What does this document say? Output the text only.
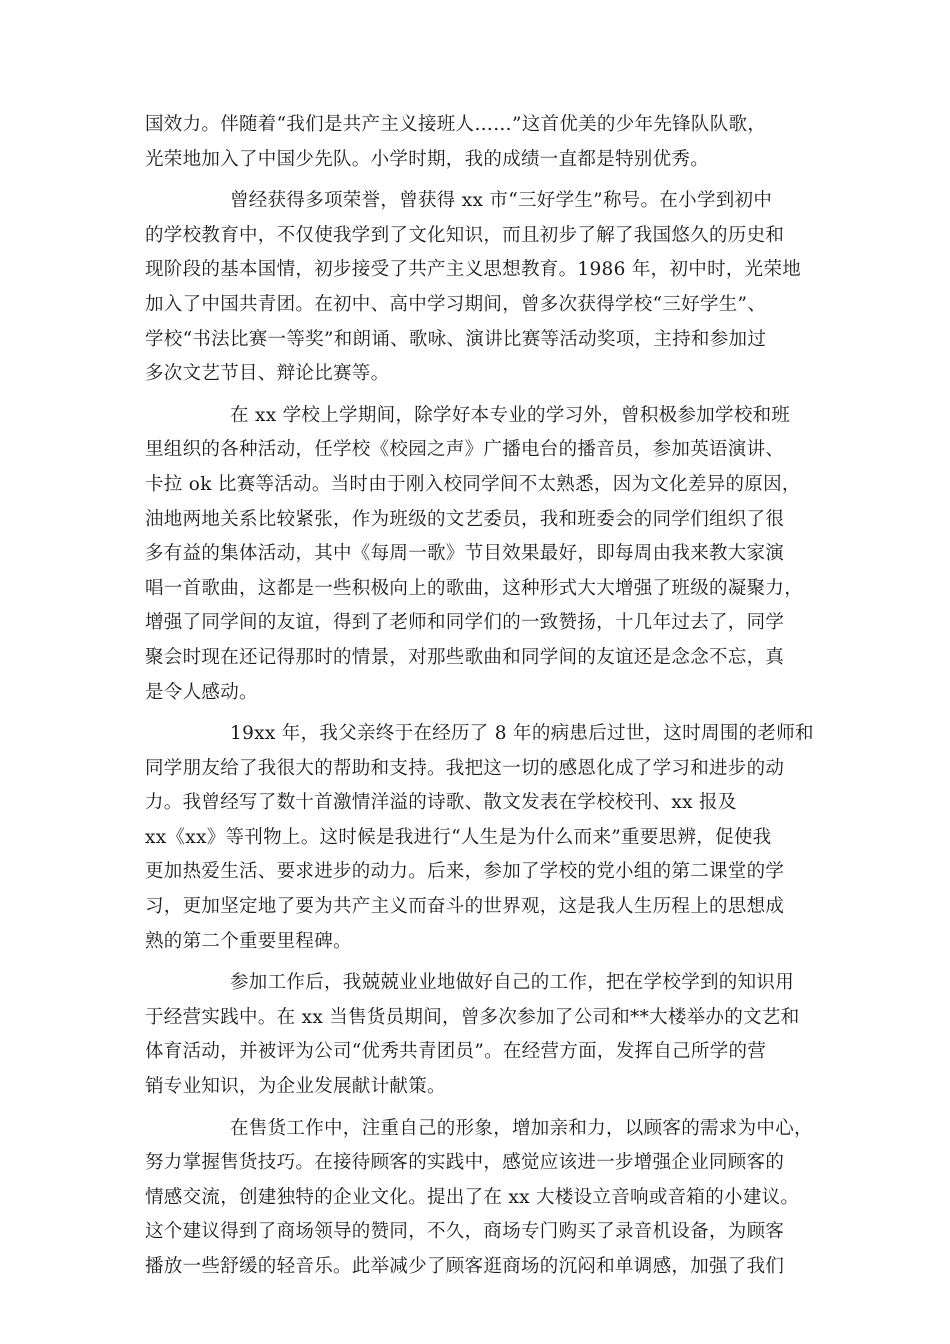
国效力。伴随着“我们是共产主义接班人……”这首优美的少年先锋队队歌，
光荣地加入了中国少先队。小学时期，我的成绩一直都是特别优秀。

曾经获得多项荣誉，曾获得 xx 市“三好学生”称号。在小学到初中
的学校教育中，不仅使我学到了文化知识，而且初步了解了我国悠久的历史和
现阶段的基本国情，初步接受了共产主义思想教育。1986 年，初中时，光荣地
加入了中国共青团。在初中、高中学习期间，曾多次获得学校“三好学生”、
学校“书法比赛一等奖”和朗诵、歌咏、演讲比赛等活动奖项，主持和参加过
多次文艺节目、辩论比赛等。

在 xx 学校上学期间，除学好本专业的学习外，曾积极参加学校和班
里组织的各种活动，任学校《校园之声》广播电台的播音员，参加英语演讲、
卡拉 ok 比赛等活动。当时由于刚入校同学间不太熟悉，因为文化差异的原因，
油地两地关系比较紧张，作为班级的文艺委员，我和班委会的同学们组织了很
多有益的集体活动，其中《每周一歌》节目效果最好，即每周由我来教大家演
唱一首歌曲，这都是一些积极向上的歌曲，这种形式大大增强了班级的凝聚力，
增强了同学间的友谊，得到了老师和同学们的一致赞扬，十几年过去了，同学
聚会时现在还记得那时的情景，对那些歌曲和同学间的友谊还是念念不忘，真
是令人感动。

19xx 年，我父亲终于在经历了 8 年的病患后过世，这时周围的老师和
同学朋友给了我很大的帮助和支持。我把这一切的感恩化成了学习和进步的动
力。我曾经写了数十首激情洋溢的诗歌、散文发表在学校校刊、xx 报及
xx《xx》等刊物上。这时候是我进行“人生是为什么而来”重要思辨，促使我
更加热爱生活、要求进步的动力。后来，参加了学校的党小组的第二课堂的学
习，更加坚定地了要为共产主义而奋斗的世界观，这是我人生历程上的思想成
熟的第二个重要里程碑。

参加工作后，我兢兢业业地做好自己的工作，把在学校学到的知识用
于经营实践中。在 xx 当售货员期间，曾多次参加了公司和**大楼举办的文艺和
体育活动，并被评为公司“优秀共青团员”。在经营方面，发挥自己所学的营
销专业知识，为企业发展献计献策。

在售货工作中，注重自己的形象，增加亲和力，以顾客的需求为中心，
努力掌握售货技巧。在接待顾客的实践中，感觉应该进一步增强企业同顾客的
情感交流，创建独特的企业文化。提出了在 xx 大楼设立音响或音箱的小建议。
这个建议得到了商场领导的赞同，不久，商场专门购买了录音机设备，为顾客
播放一些舒缓的轻音乐。此举减少了顾客逛商场的沉闷和单调感，加强了我们
